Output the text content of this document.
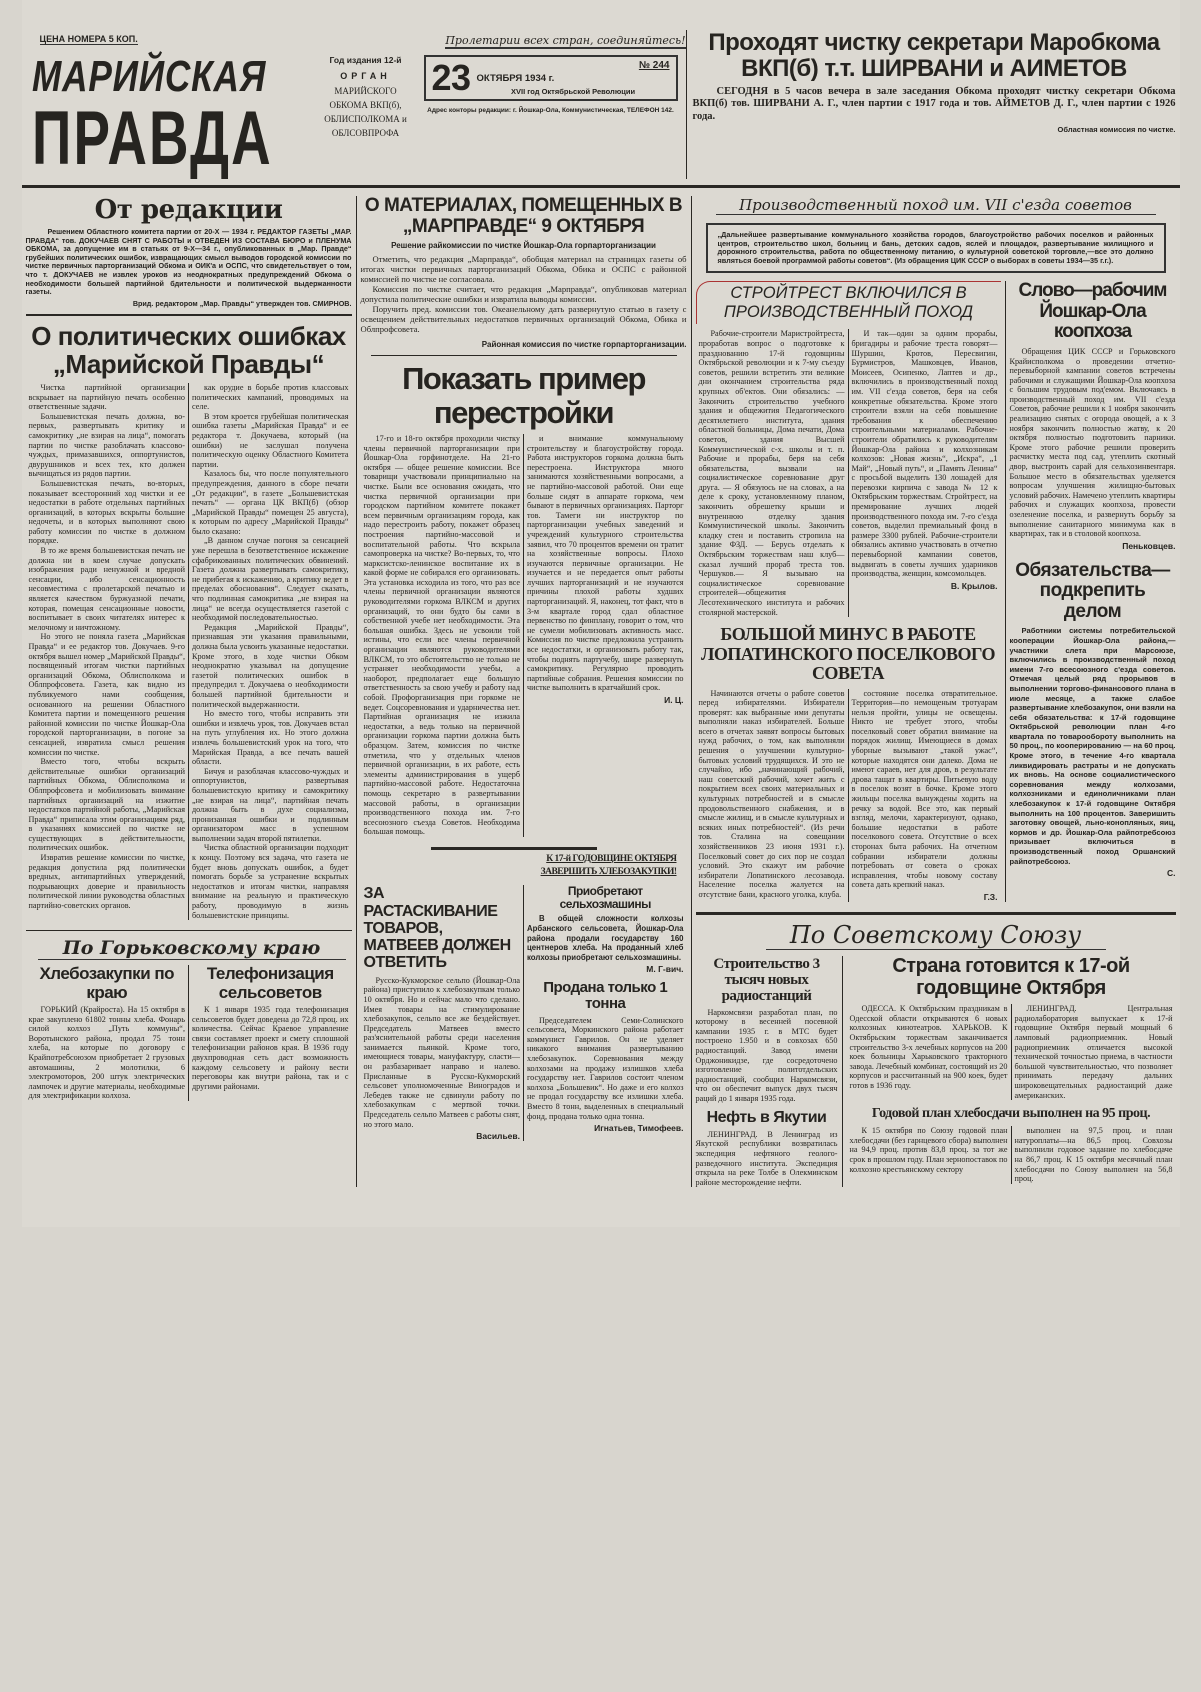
ЦЕНА НОМЕРА 5 КОП.	Пролетарии всех стран, соединяйтесь!
МАРИЙСКАЯ
ПРАВДА
Год издания 12-й
ОРГАН
МАРИЙСКОГО
ОБКОМА ВКП(б),
ОБЛИСПОЛКОМА и
ОБЛСОВПРОФА
23	№ 244
ОКТЯБРЯ 1934 г.
XVII год Октябрьской Революции
Адрес конторы редакции: г. Йошкар-Ола, Коммунистическая, ТЕЛЕФОН 142.
Проходят чистку секретари Маробкома ВКП(б) т.т. ШИРВАНИ и АИМЕТОВ
СЕГОДНЯ в 5 часов вечера в зале заседания Обкома проходят чистку секретари Обкома ВКП(б) тов. ШИРВАНИ А. Г., член партии с 1917 года и тов. АЙМЕТОВ Д. Г., член партии с 1926 года.
Областная комиссия по чистке.
От редакции
Решением Областного комитета партии от 20-X — 1934 г. РЕДАКТОР ГАЗЕТЫ „МАР. ПРАВДА“ тов. ДОКУЧАЕВ СНЯТ С РАБОТЫ и ОТВЕДЕН ИЗ СОСТАВА БЮРО и ПЛЕНУМА ОБКОМА, за допущение им в статьях от 9-X—34 г., опубликованных в „Мар. Правде“ грубейших политических ошибок, извращающих смысл выводов городской комиссии по чистке первичных парторганизаций Обкома и ОИК'а и ОСПС, что свидетельствует о том, что т. ДОКУЧАЕВ не извлек уроков из неоднократных предупреждений Обкома о необходимости большей партийной бдительности и политической выдержанности газеты.
Врид. редактором „Мар. Правды“ утвержден тов. СМИРНОВ.
О политических ошибках „Марийской Правды“

Чистка партийной организации вскрывает на партийную печать особенно ответственные задачи.

Большевистская печать должна, во-первых, развертывать критику и самокритику „не взирая на лица“, помогать партии по чистке разоблачать классово-чуждых, примазавшихся, оппортунистов, двурушников и всех тех, кто должен вычищаться из рядов партии.

Большевистская печать, во-вторых, показывает всесторонний ход чистки и ее недостатки в работе отдельных партийных организаций, в которых вскрыты большие недочеты, и в которых выполняют свою работу комиссии по чистке в должном порядке.

В то же время большевистская печать не должна ни в коем случае допускать изображения ради ненужной и вредной сенсации, ибо сенсационность несовместима с пролетарской печатью и является качеством буржуазной печати, которая, помещая сенсационные новости, воспитывает в своих читателях интерес к мелочному и ничтожному.

Но этого не поняла газета „Марийская Правда“ и ее редактор тов. Докучаев. 9-го октября вышел номер „Марийской Правды“, посвященный итогам чистки партийных организаций Обкома, Облисполкома и Облпрофсовета. Газета, как видно из публикуемого нами сообщения, основанного на решении Областного Комитета партии и помещенного решения районной комиссии по чистке Йошкар-Ола городской парторганизации, в погоне за сенсацией, извратила смысл решения комиссии по чистке.

Вместо того, чтобы вскрыть действительные ошибки организаций партийных Обкома, Облисполкома и Облпрофсовета и мобилизовать внимание партийных организаций на изжитие недостатков партийной работы, „Марийская Правда“ приписала этим организациям ряд, в указаниях комиссией по чистке не существующих в действительности, политических ошибок.

Извратив решение комиссии по чистке, редакция допустила ряд политически вредных, антипартийных утверждений, подрывающих доверие и правильность политической линии руководства областных партийно-советских органов.

как орудие в борьбе против классовых политических кампаний, проводимых на селе.

В этом кроется грубейшая политическая ошибка газеты „Марийская Правда“ и ее редактора т. Докучаева, который (на ошибки) не заслушал получена политическую оценку Областного Комитета партии.

Казалось бы, что после популятельного предупреждения, данного в сборе печати „От редакции“, в газете „Большевистская печать“ — органа ЦК ВКП(б) (обзор „Марийской Правды“ помещен 25 августа), к которым по адресу „Марийской Правды“ было сказано:

„В данном случае погоня за сенсацией уже перешла в безответственное искажение сфабрикованных политических обвинений. Газета должна развертывать самокритику, не прибегая к искажению, а критику ведет в пределах обоснования“. Следует сказать, что подлинная самокритика „не взирая на лица“ не всегда осуществляется газетой с необходимой последовательностью.

Редакция „Марийской Правды“, признавшая эти указания правильными, должна была усвоить указанные недостатки. Кроме этого, в ходе чистки Обком неоднократно указывал на допущение газетой политических ошибок в предупредил т. Докучаева о необходимости большей партийной бдительности и политической выдержанности.

Но вместо того, чтобы исправить эти ошибки и извлечь урок, тов. Докучаев встал на путь углубления их. Но этого должна извлечь большевистский урок на того, что Марийская Правда, а все печать вашей области.

Бичуя и разоблачая классово-чуждых и оппортунистов, развертывая большевистскую критику и самокритику „не взирая на лица“, партийная печать должна быть в духе социализма, пронизанная ошибки и подлинным организатором масс в успешном выполнении задач второй пятилетки.

Чистка областной организации подходит к концу. Поэтому вся задача, что газета не будет вновь допускать ошибок, а будет помогать борьбе за устранение вскрытых недостатков и итогам чистки, направляя внимание на реальную и практическую работу, проводимую в жизнь большевистские принципы.

По Горьковскому краю
Хлебозакупки по краю

ГОРЬКИЙ (Крайроста). На 15 октября в крае закуплено 61802 тонны хлеба. Фонарь силой колхоз „Путь коммуны“, Воротынского района, продал 75 тонн хлеба, на которые по договору с Крайпотребсоюзом приобретает 2 грузовых автомашины, 2 молотилки, 6 электромоторов, 200 штук электрических лампочек и другие материалы, необходимые для электрификации колхоза.

Телефонизация сельсоветов

К 1 января 1935 года телефонизация сельсоветов будет доведена до 72,8 проц. их количества. Сейчас Краевое управление связи составляет проект и смету сплошной телефонизации районов края. В 1936 году двухпроводная сеть даст возможность каждому сельсовету и району вести переговоры как внутри района, так и с другими районами.

О МАТЕРИАЛАХ, ПОМЕЩЕННЫХ В „МАРПРАВДЕ“ 9 ОКТЯБРЯ
Решение райкомиссии по чистке Йошкар-Ола горпарторганизации

Отметить, что редакция „Марправда“, обобщая материал на страницах газеты об итогах чистки первичных парторганизаций Обкома, Обика и ОСПС с районной комиссией по чистке не согласовала.

Комиссия по чистке считает, что редакция „Марправда“, опубликовав материал допустила политические ошибки и извратила выводы комиссии.

Поручить пред. комиссии тов. Океанельному дать развернутую статью в газету с освещением действительных недостатков первичных организаций Обкома, Обика и Облпрофсовета.

Районная комиссия по чистке горпарторганизации.
Показать пример перестройки

17-го и 18-го октября проходили чистку члены первичной парторганизации при Йошкар-Ола горфинотделе. На 21-го октября — общее решение комиссии. Все товарищи участвовали принципиально на чистке. Были все основания ожидать, что чистка первичной организации при городском партийном комитете покажет всем первичным организациям города, как надо перестроить работу, покажет образец построения партийно-массовой и воспитательной работы. Что вскрыла самопроверка на чистке? Во-первых, то, что марксистско-ленинское воспитание их в какой форме не собирался его организовать. Эта установка исходила из того, что раз все члены первичной организации являются руководителями горкома ВЛКСМ и других организаций, то они будто бы сами в собственной учебе нет необходимости. Эта большая ошибка. Здесь не усвоили той истины, что если все члены первичной организации являются руководителями ВЛКСМ, то это обстоятельство не только не устраняет необходимости учебы, а наоборот, предполагает еще большую ответственность за свою учебу и работу над собой. Профорганизация при горкоме не ведет. Соцсоревнования и ударничества нет. Партийная организация не изжила недостатки, а ведь только на первичной организации горкома партии должна быть образцом. Затем, комиссия по чистке отметила, что у отдельных членов первичной организации, в их работе, есть элементы администрирования в ущерб партийно-массовой работе. Недостаточна помощь секретарю в развертывании массовой работы, в организации производственного похода им. 7-го всесоюзного съезда Советов. Необходима большая помощь.

и внимание коммунальному строительству и благоустройству города. Работа инструкторов горкома должна быть перестроена. Инструктора много занимаются хозяйственными вопросами, а не партийно-массовой работой. Они еще больше сидят в аппарате горкома, чем бывают в первичных организациях. Парторг тов. Тамеги ни инструктор по парторганизации учебных заведений и учреждений культурного строительства заявил, что 70 процентов времени он тратит на хозяйственные вопросы. Плохо изучаются первичные организации. Не изучается и не передается опыт работы лучших парторганизаций и не изучаются причины плохой работы худших парторганизаций. Я, наконец, тот факт, что в 3-м квартале город сдал областное первенство по финплану, говорит о том, что не сумели мобилизовать активность масс. Комиссия по чистке предложила устранить все недостатки, и организовать работу так, чтобы поднять партучебу, шире развернуть самокритику. Регулярно проводить партийные собрания. Решения комиссии по чистке выполнить в кратчайший срок.

И. Ц.
К 17-й ГОДОВЩИНЕ ОКТЯБРЯ
ЗАВЕРШИТЬ ХЛЕБОЗАКУПКИ!
ЗА РАСТАСКИВАНИЕ ТОВАРОВ, МАТВЕЕВ ДОЛЖЕН ОТВЕТИТЬ

Русско-Кукморское сельпо (Йошкар-Ола района) приступило к хлебозакупкам только 10 октября. Но и сейчас мало что сделано. Имея товары на стимулирование хлебозакупок, сельпо все же бездействует. Председатель Матвеев вместо раз'яснительной работы среди населения занимается пьянкой. Кроме того, имеющиеся товары, мануфактуру, сласти—он разбазаривает направо и налево. Присланные в Русско-Кукморский сельсовет уполномоченные Виноградов и Лебедев также не сдвинули работу по хлебозакупкам с мертвой точки. Председатель сельпо Матвеев с работы снят, но этого мало.

Васильев.
Приобретают сельхозмашины

В общей сложности колхозы Арбанского сельсовета, Йошкар-Ола района продали государству 160 центнеров хлеба. На проданный хлеб колхозы приобретают сельхозмашины.

М. Г-вич.
Продана только 1 тонна

Председателем Семи-Солинского сельсовета, Моркинского района работает коммунист Гаврилов. Он не уделяет никакого внимания развертыванию хлебозакупок. Соревнования между колхозами на продажу излишков хлеба государству нет. Гаврилов состоит членом колхоза „Большевик“. Но даже и его колхоз не продал государству все излишки хлеба. Вместо 8 тонн, выделенных в специальный фонд, продана только одна тонна.

Игнатьев, Тимофеев.
Производственный поход им. VII с'езда советов
„Дальнейшее развертывание коммунального хозяйства городов, благоустройство рабочих поселков и районных центров, строительство школ, больниц и бань, детских садов, яслей и площадок, развертывание жилищного и дорожного строительства, работа по общественному питанию, о культурной советской торговле,—все это должно являться боевой программой работы советов“. (Из обращения ЦИК СССР о выборах в советы 1934—35 г.г.).
СТРОЙТРЕСТ ВКЛЮЧИЛСЯ В ПРОИЗВОДСТВЕННЫЙ ПОХОД

Рабочие-строители Маристройтреста, проработав вопрос о подготовке к празднованию 17-й годовщины Октябрьской революции и к 7-му съезду советов, решили встретить эти великие дни окончанием строительства ряда крупных об'ектов. Они обязались: — Закончить строительство учебного здания и общежития Педагогического десятилетнего института, здания областной больницы, Дома печати, Дома советов, здания Высшей Коммунистической с-х. школы и т. п. Рабочие и прорабы, беря на себя обязательства, вызвали на социалистическое соревнование друг друга. — Я обязуюсь не на словах, а на деле к сроку, установленному планом, закончить обрешетку крыши и внутреннюю отделку здания Коммунистической школы. Закончить кладку стен и поставить стропила на здание ФЗД. — Берусь отделать к Октябрьским торжествам наш клуб—сказал лучший прораб треста тов. Чершуков.— Я вызываю на социалистическое соревнование строителей—общежития Лесотехнического института и рабочих столярной мастерской.

И так—один за одним прорабы, бригадиры и рабочие треста говорят—Шуршин, Кротов, Пересвигин, Бурмистров, Машковцев, Иванов, Моисеев, Осипенко, Лаптев и др., включились в производственный поход им. VII с'езда советов, беря на себя конкретные обязательства. Кроме этого строители взяли на себя повышение требования к обеспечению строительными материалами. Рабочие-строители обратились к руководителям Йошкар-Ола района и колхозникам колхозов: „Новая жизнь“, „Искра“, „1 Май“, „Новый путь“, и „Память Ленина“ с просьбой выделить 130 лошадей для перевозки кирпича с завода № 12 к Октябрьским торжествам. Стройтрест, на премирование лучших людей производственного похода им. 7-го с'езда советов, выделил премиальный фонд в размере 3300 рублей. Рабочие-строители обязались активно участвовать в отчетно перевыборной кампании советов, выдвигать в советы лучших ударников производства, женщин, комсомольцев.

В. Крылов.
БОЛЬШОЙ МИНУС В РАБОТЕ ЛОПАТИНСКОГО ПОСЕЛКОВОГО СОВЕТА

Начинаются отчеты о работе советов перед избирателями. Избиратели проверят: как выбранные ими депутаты выполняли наказ избирателей. Больше всего в отчетах заявят вопросы бытовых нужд рабочих, о том, как выполняли решения о улучшении культурно-бытовых условий трудящихся. И это не случайно, ибо „начинающий рабочий, наш советский рабочий, хочет жить с покрытием всех своих материальных и культурных потребностей и в смысле продовольственного снабжения, и в смысле жилищ, и в смысле культурных и всяких иных потребностей“. (Из речи тов. Сталина на совещании хозяйственников 23 июня 1931 г.). Поселковый совет до сих пор не создал условий. Это скажут им рабочие избиратели Лопатинского лесозавода. Население поселка жалуется на отсутствие бани, красного уголка, клуба.

состояние поселка отвратительное. Территория—по немощеным тротуарам нельзя пройти, улицы не освещены. Никто не требует этого, чтобы поселковый совет обратил внимание на порядок жилищ. Имеющиеся в домах уборные вызывают „такой ужас“, которые находятся они далеко. Дома не имеют сараев, нет для дров, в результате дрова тащат в квартиры. Питьевую воду в поселок возят в бочке. Кроме этого жильцы поселка вынуждены ходить на речку за водой. Все это, как первый взгляд, мелочи, характеризуют, однако, большие недостатки в работе поселкового совета. Отсутствие о всех сторонах быта рабочих. На отчетном собрании избиратели должны потребовать от совета о сроках исправления, чтобы новому составу совета дать крепкий наказ.

Г.З.
Слово—рабочим Йошкар-Ола коопхоза

Обращения ЦИК СССР и Горьковского Крайисполкома о проведении отчетно-перевыборной кампании советов встречены рабочими и служащими Йошкар-Ола коопхоза с большим трудовым под'емом. Включаясь в производственный поход им. VII с'езда Советов, рабочие решили к 1 ноября закончить реализацию снятых с огорода овощей, а к 3 ноября закончить полностью жатву, к 20 октября полностью подготовить парники. Кроме этого рабочие решили проверить расчистку места под сад, утеплить скотный двор, выстроить сарай для сельхозинвентаря. Большое место в обязательствах уделяется вопросам улучшения жилищно-бытовых условий рабочих. Намечено утеплить квартиры рабочих и служащих коопхоза, провести озеленение поселка, и развернуть борьбу за выполнение санитарного минимума как в квартирах, так и в столовой коопхоза.

Пеньковцев.
Обязательства— подкрепить делом

Работники системы потребительской кооперации Йошкар-Ола района,—участники слета при Марсоюзе, включились в производственный поход имени 7-го всесоюзного с'езда советов. Отмечая целый ряд прорывов в выполнении торгово-финансового плана в июле месяце, а также слабое развертывание хлебозакупок, они взяли на себя обязательства: к 17-й годовщине Октябрьской революции план 4-го квартала по товарообороту выполнить на 50 проц., по кооперированию — на 60 проц. Кроме этого, в течение 4-го квартала ликвидировать растраты и не допускать их вновь. На основе социалистического соревнования между колхозами, колхозниками и единоличниками план хлебозакупок к 17-й годовщине Октября выполнить на 100 процентов. Заверишить заготовку овощей, льно-конопляных, яиц, кормов и др. Йошкар-Ола райпотребсоюз призывает включиться в производственный поход Оршанский райпотребсоюз.

С.
По Советскому Союзу
Строительство 3 тысяч новых радиостанций

Наркомсвязи разработал план, по которому в весенней посевной кампании 1935 г. в МТС будет построено 1.950 и в совхозах 650 радиостанций. Завод имени Орджоникидзе, где сосредоточено изготовление политотдельских радиостанций, сообщил Наркомсвязи, что он обеспечит выпуск двух тысяч раций до 1 января 1935 года.

Нефть в Якутии

ЛЕНИНГРАД. В Ленинград из Якутской республики возвратилась экспедиция нефтяного геолого-разведочного института. Экспедиция открыла на реке Толбе в Олекминском районе месторождение нефти.

Страна готовится к 17-ой годовщине Октября

ОДЕССА. К Октябрьским праздникам в Одесской области открываются 6 новых колхозных кинотеатров. ХАРЬКОВ. К Октябрьским торжествам заканчивается строительство 3-х лечебных корпусов на 200 коек больницы Харьковского тракторного завода. Лечебный комбинат, состоящий из 20 корпусов и рассчитанный на 900 коек, будет готов в 1936 году.

ЛЕНИНГРАД. Центральная радиолаборатория выпускает к 17-й годовщине Октября первый мощный 6 ламповый радиоприемник. Новый радиоприемник отличается высокой технической точностью приема, в частности большой чувствительностью, что позволяет принимать передачу дальних широковещательных радиостанций даже американских.

Годовой план хлебосдачи выполнен на 95 проц.

К 15 октября по Союзу годовой план хлебосдачи (без гарнцевого сбора) выполнен на 94,9 проц. против 83,8 проц. за тот же срок в прошлом году. План зернопоставок по колхозно крестьянскому сектору

выполнен на 97,5 проц. и план натуроплаты—на 86,5 проц. Совхозы выполнили годовое задание по хлебосдаче на 86,7 проц. К 15 октября месячный план хлебосдачи по Союзу выполнен на 56,8 проц.
